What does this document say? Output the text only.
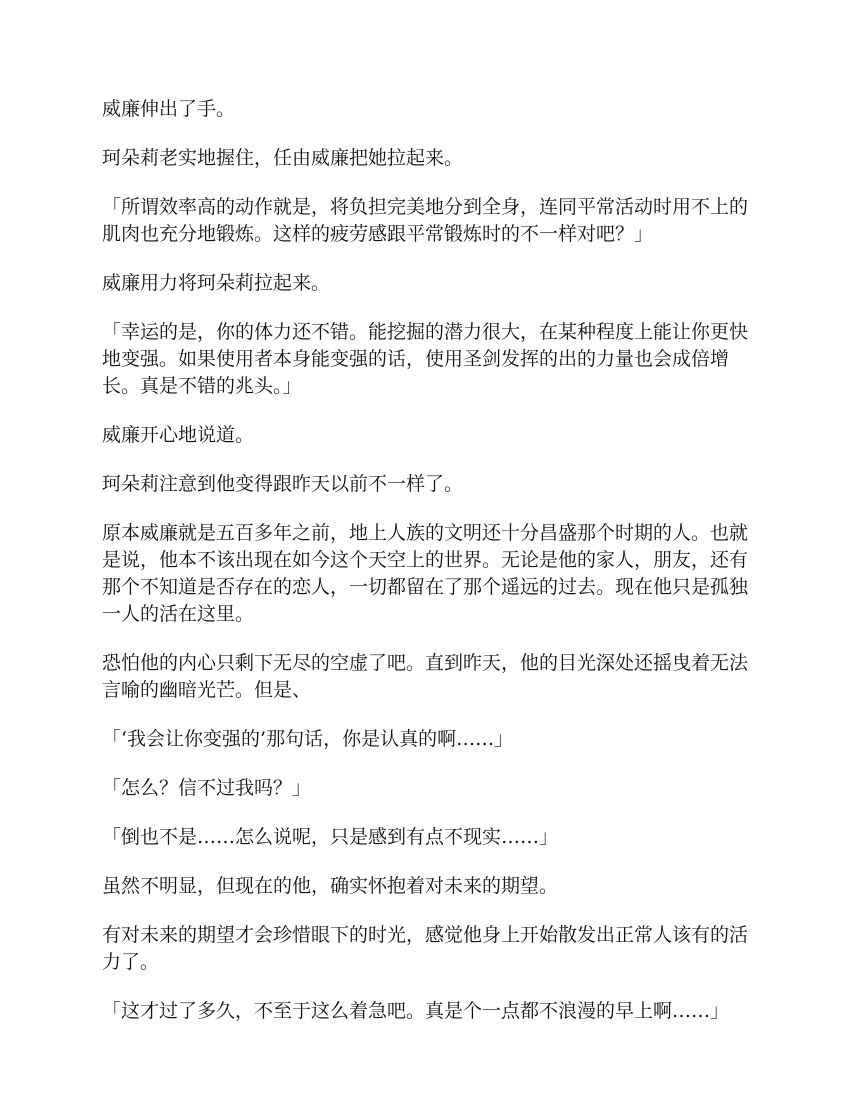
威廉伸出了手。

珂朵莉老实地握住，任由威廉把她拉起来。

「所谓效率高的动作就是，将负担完美地分到全身，连同平常活动时用不上的肌肉也充分地锻炼。这样的疲劳感跟平常锻炼时的不一样对吧？」

威廉用力将珂朵莉拉起来。

「幸运的是，你的体力还不错。能挖掘的潜力很大，在某种程度上能让你更快地变强。如果使用者本身能变强的话，使用圣剑发挥的出的力量也会成倍增长。真是不错的兆头。」

威廉开心地说道。

珂朵莉注意到他变得跟昨天以前不一样了。

原本威廉就是五百多年之前，地上人族的文明还十分昌盛那个时期的人。也就是说，他本不该出现在如今这个天空上的世界。无论是他的家人，朋友，还有那个不知道是否存在的恋人，一切都留在了那个遥远的过去。现在他只是孤独一人的活在这里。

恐怕他的内心只剩下无尽的空虚了吧。直到昨天，他的目光深处还摇曳着无法言喻的幽暗光芒。但是、

「‘我会让你变强的’那句话，你是认真的啊……」

「怎么？信不过我吗？」

「倒也不是……怎么说呢，只是感到有点不现实……」

虽然不明显，但现在的他，确实怀抱着对未来的期望。

有对未来的期望才会珍惜眼下的时光，感觉他身上开始散发出正常人该有的活力了。

「这才过了多久，不至于这么着急吧。真是个一点都不浪漫的早上啊……」
